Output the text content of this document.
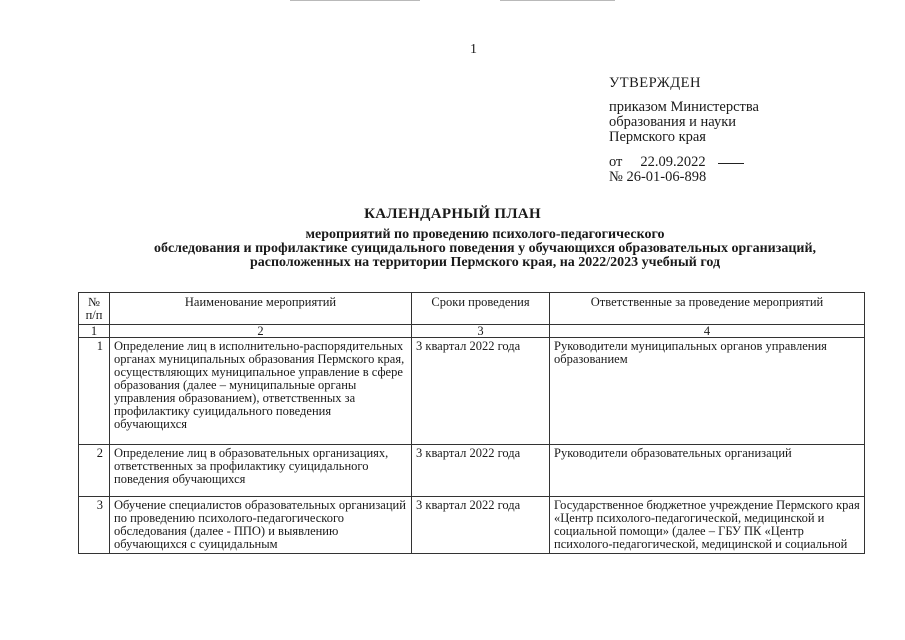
1
УТВЕРЖДЕН
приказом Министерства
образования и науки
Пермского края
от 22.09.2022
№ 26-01-06-898
КАЛЕНДАРНЫЙ ПЛАН
мероприятий по проведению психолого-педагогического
обследования и профилактике суицидального поведения у обучающихся образовательных организаций,
расположенных на территории Пермского края, на 2022/2023 учебный год
№ п/п	Наименование мероприятий	Сроки проведения	Ответственные за проведение мероприятий
1	2	3	4
1	Определение лиц в исполнительно-распорядительных органах муниципальных образования Пермского края, осуществляющих муниципальное управление в сфере образования (далее – муниципальные органы управления образованием), ответственных за профилактику суицидального поведения обучающихся	3 квартал 2022 года	Руководители муниципальных органов управления образованием
2	Определение лиц в образовательных организациях, ответственных за профилактику суицидального поведения обучающихся	3 квартал 2022 года	Руководители образовательных организаций
3	Обучение специалистов образовательных организаций по проведению психолого-педагогического обследования (далее - ППО) и выявлению обучающихся с суицидальным	3 квартал 2022 года	Государственное бюджетное учреждение Пермского края «Центр психолого-педагогической, медицинской и социальной помощи» (далее – ГБУ ПК «Центр психолого-педагогической, медицинской и социальной
